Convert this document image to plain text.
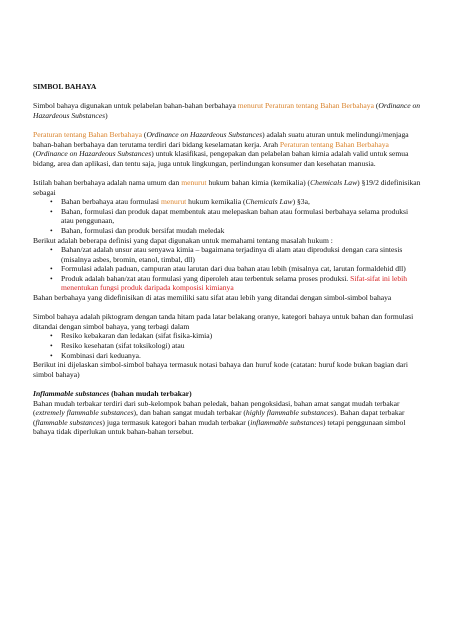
SIMBOL BAHAYA

Simbol bahaya digunakan untuk pelabelan bahan-bahan berbahaya menurut Peraturan tentang Bahan Berbahaya (Ordinance on Hazardeous Substances)

Peraturan tentang Bahan Berbahaya (Ordinance on Hazardeous Substances) adalah suatu aturan untuk melindungi/menjaga bahan-bahan berbahaya dan terutama terdiri dari bidang keselamatan kerja. Arah Peraturan tentang Bahan Berbahaya (Ordinance on Hazardeous Substances) untuk klasifikasi, pengepakan dan pelabelan bahan kimia adalah valid untuk semua bidang, area dan aplikasi, dan tentu saja, juga untuk lingkungan, perlindungan konsumer dan kesehatan manusia.

Istilah bahan berbahaya adalah nama umum dan menurut hukum bahan kimia (kemikalia) (Chemicals Law) §19/2 didefinisikan sebagai

• Bahan berbahaya atau formulasi menurut hukum kemikalia (Chemicals Law) §3a,
• Bahan, formulasi dan produk dapat membentuk atau melepaskan bahan atau formulasi berbahaya selama produksi atau penggunaan,
• Bahan, formulasi dan produk bersifat mudah meledak

Berikut adalah beberapa definisi yang dapat digunakan untuk memahami tentang masalah hukum :

• Bahan/zat adalah unsur atau senyawa kimia – bagaimana terjadinya di alam atau diproduksi dengan cara sintesis (misalnya asbes, bromin, etanol, timbal, dll)
• Formulasi adalah paduan, campuran atau larutan dari dua bahan atau lebih (misalnya cat, larutan formaldehid dll)
• Produk adalah bahan/zat atau formulasi yang diperoleh atau terbentuk selama proses produksi. Sifat-sifat ini lebih menentukan fungsi produk daripada komposisi kimianya

Bahan berbahaya yang didefinisikan di atas memiliki satu sifat atau lebih yang ditandai dengan simbol-simbol bahaya

Simbol bahaya adalah piktogram dengan tanda hitam pada latar belakang oranye, kategori bahaya untuk bahan dan formulasi ditandai dengan simbol bahaya, yang terbagi dalam

• Resiko kebakaran dan ledakan (sifat fisika-kimia)
• Resiko kesehatan (sifat toksikologi) atau
• Kombinasi dari keduanya.

Berikut ini dijelaskan simbol-simbol bahaya termasuk notasi bahaya dan huruf kode (catatan: huruf kode bukan bagian dari simbol bahaya)

Inflammable substances (bahan mudah terbakar)

Bahan mudah terbakar terdiri dari sub-kelompok bahan peledak, bahan pengoksidasi, bahan amat sangat mudah terbakar (extremely flammable substances), dan bahan sangat mudah terbakar (highly flammable substances). Bahan dapat terbakar (flammable substances) juga termasuk kategori bahan mudah terbakar (inflammable substances) tetapi penggunaan simbol bahaya tidak diperlukan untuk bahan-bahan tersebut.
